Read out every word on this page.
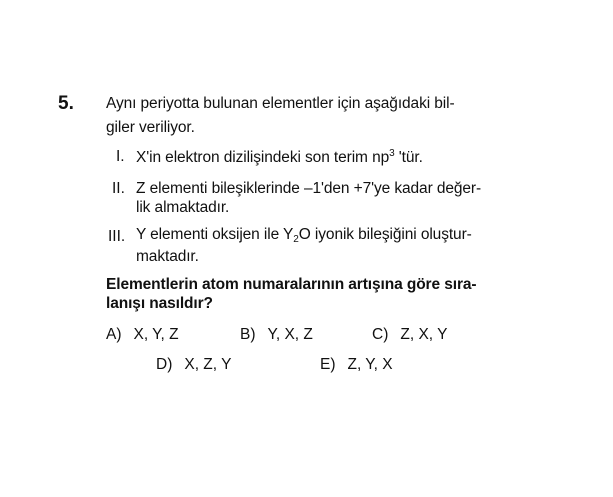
5. Aynı periyotta bulunan elementler için aşağıdaki bil-
giler veriliyor.
I. X'in elektron dizilişindeki son terim $np^3$ 'tür.
II. Z elementi bileşiklerinde –1'den +7'ye kadar değer-
lik almaktadır.
III. Y elementi oksijen ile $Y_2O$ iyonik bileşiğini oluştur-
maktadır.
Elementlerin atom numaralarının artışına göre sıra-
lanışı nasıldır?
A) X, Y, Z	B) Y, X, Z	C) Z, X, Y
D) X, Z, Y	E) Z, Y, X
